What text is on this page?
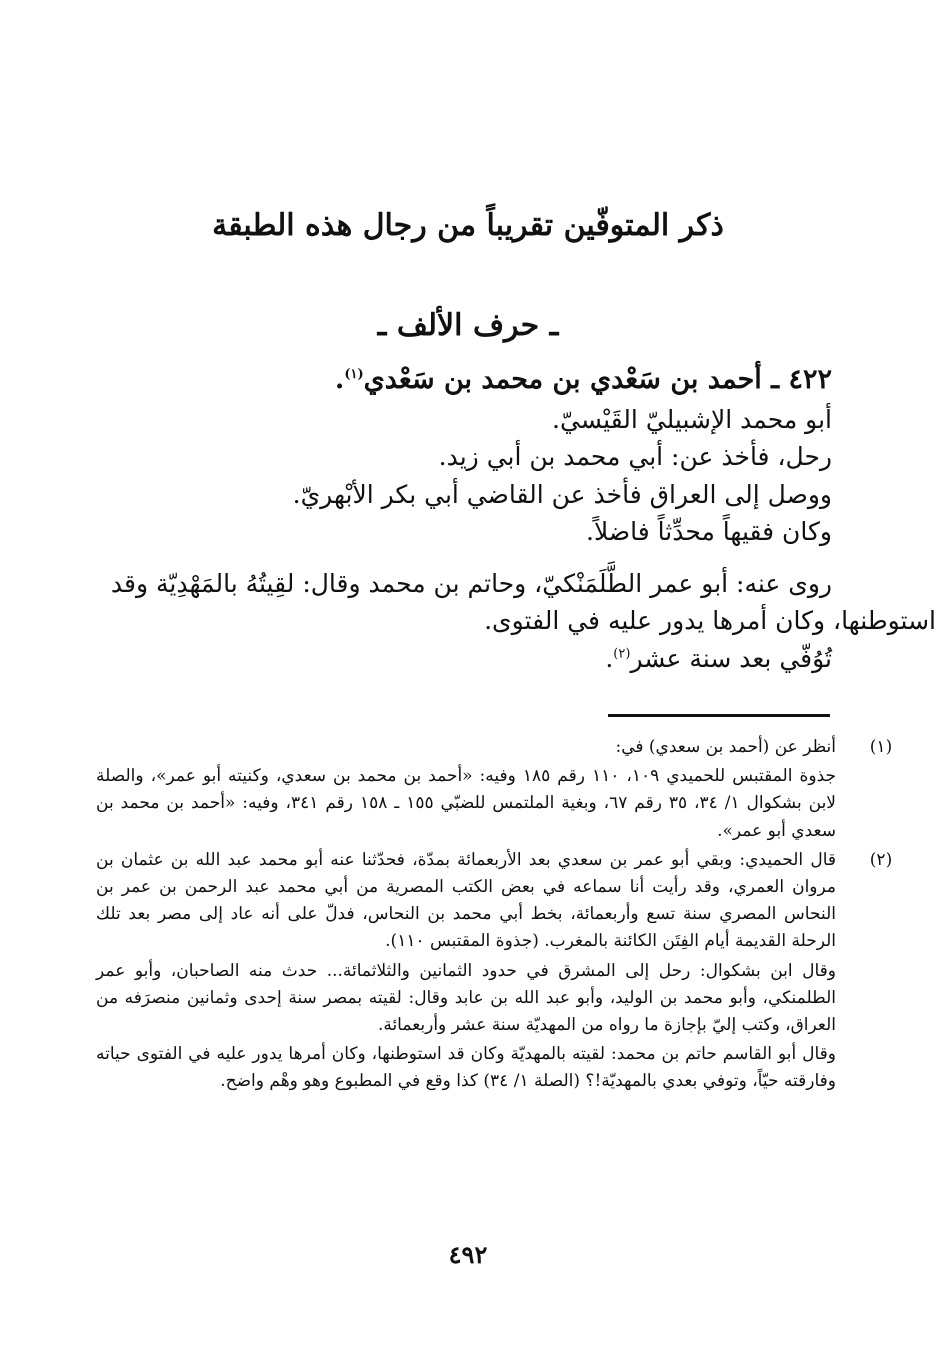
ذكر المتوفّين تقريباً من رجال هذه الطبقة
ـ حرف الألف ـ
٤٢٢ ـ أحمد بن سَعْدي بن محمد بن سَعْدي$^{(١)}$.
أبو محمد الإشبيليّ القَيْسيّ.
رحل، فأخذ عن: أبي محمد بن أبي زيد.
ووصل إلى العراق فأخذ عن القاضي أبي بكر الأبْهريّ.
وكان فقيهاً محدِّثاً فاضلاً.
روى عنه: أبو عمر الطَّلَمَنْكيّ، وحاتم بن محمد وقال: لقِيتُهُ بالمَهْدِيّة وقد
استوطنها، وكان أمرها يدور عليه في الفتوى.
تُوُفّي بعد سنة عشر$^{(٢)}$.
(١)
أنظر عن (أحمد بن سعدي) في:
جذوة المقتبس للحميدي ١٠٩، ١١٠ رقم ١٨٥ وفيه: «أحمد بن محمد بن سعدي، وكنيته أبو عمر»، والصلة لابن بشكوال ١/ ٣٤، ٣٥ رقم ٦٧، وبغية الملتمس للضبّي ١٥٥ ـ ١٥٨ رقم ٣٤١، وفيه: «أحمد بن محمد بن سعدي أبو عمر».
(٢)
قال الحميدي: وبقي أبو عمر بن سعدي بعد الأربعمائة بمدّة، فحدّثنا عنه أبو محمد عبد الله بن عثمان بن مروان العمري، وقد رأيت أنا سماعه في بعض الكتب المصرية من أبي محمد عبد الرحمن بن عمر بن النحاس المصري سنة تسع وأربعمائة، بخط أبي محمد بن النحاس، فدلّ على أنه عاد إلى مصر بعد تلك الرحلة القديمة أيام الفِتَن الكائنة بالمغرب. (جذوة المقتبس ١١٠).
وقال ابن بشكوال: رحل إلى المشرق في حدود الثمانين والثلاثمائة... حدث منه الصاحبان، وأبو عمر الطلمنكي، وأبو محمد بن الوليد، وأبو عبد الله بن عابد وقال: لقيته بمصر سنة إحدى وثمانين منصرَفه من العراق، وكتب إليّ بإجازة ما رواه من المهديّة سنة عشر وأربعمائة.
وقال أبو القاسم حاتم بن محمد: لقيته بالمهديّة وكان قد استوطنها، وكان أمرها يدور عليه في الفتوى حياته وفارقته حيّاً، وتوفي بعدي بالمهديّة!؟ (الصلة ١/ ٣٤) كذا وقع في المطبوع وهو وهْم واضح.
٤٩٢
